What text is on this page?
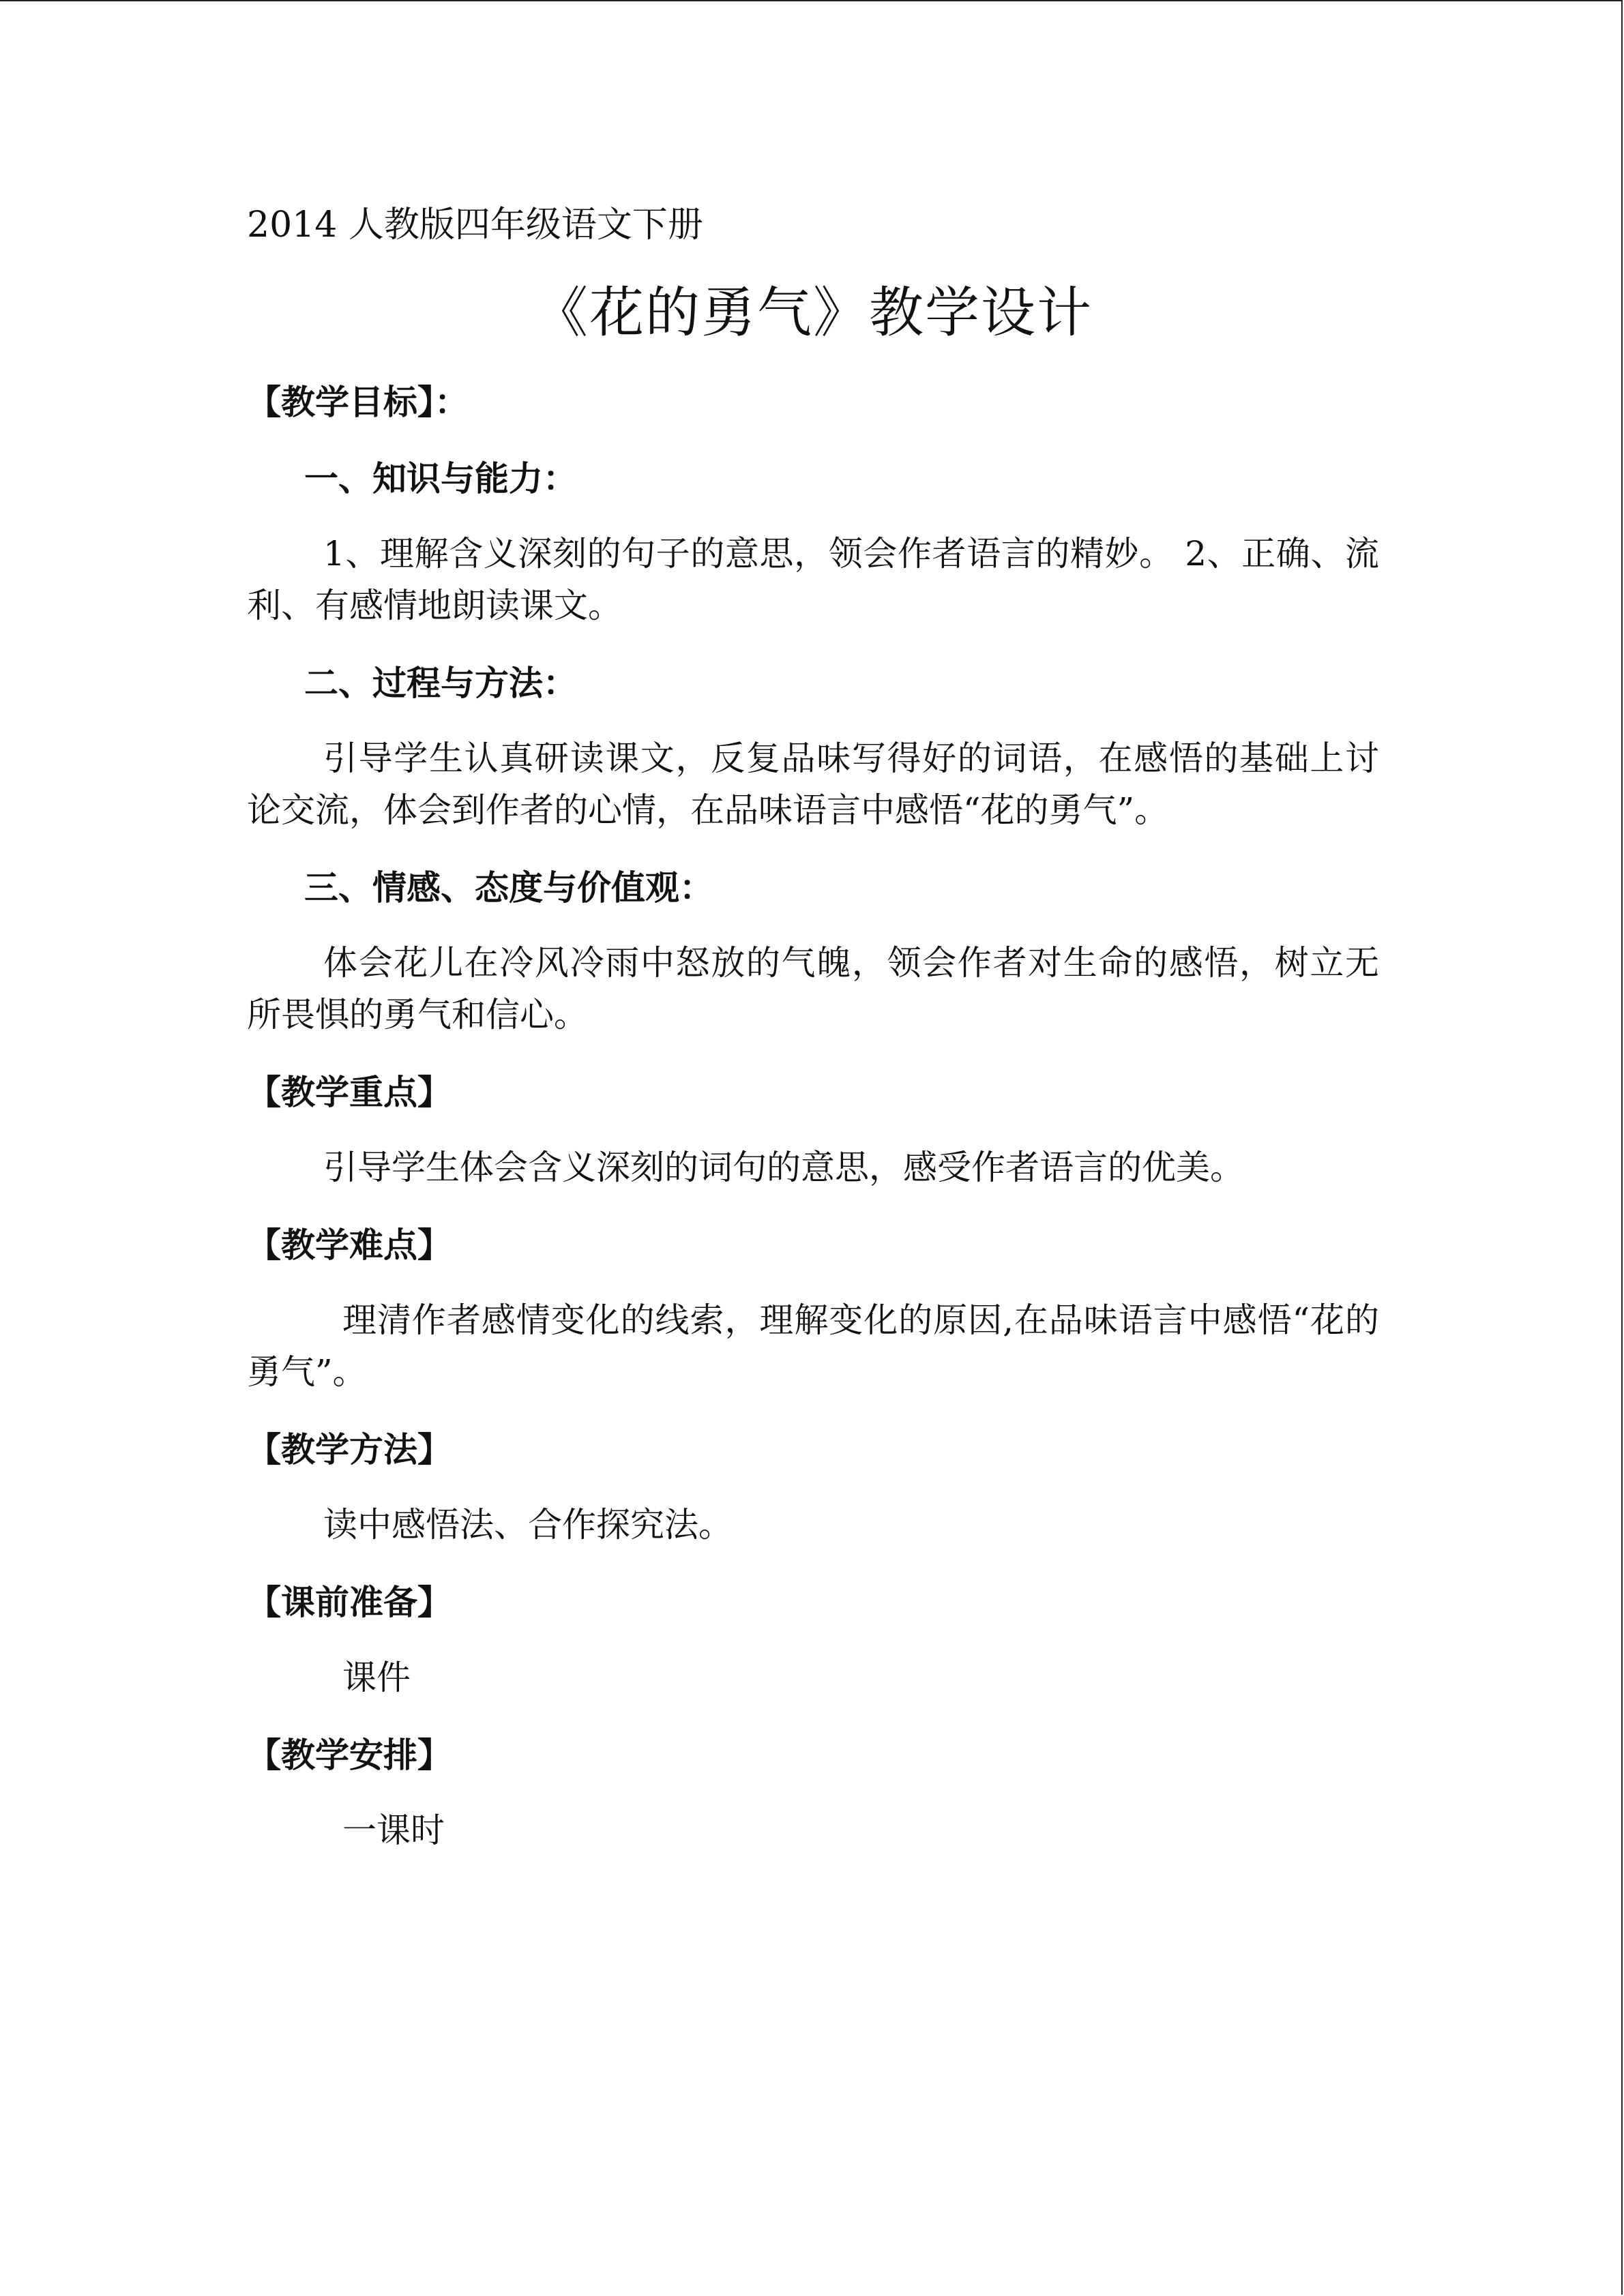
2014 人教版四年级语文下册
《花的勇气》教学设计
【教学目标】：
一、知识与能力：

1、理解含义深刻的句子的意思，领会作者语言的精妙。 2、正确、流利、有感情地朗读课文。

二、过程与方法：

引导学生认真研读课文，反复品味写得好的词语，在感悟的基础上讨论交流，体会到作者的心情，在品味语言中感悟“花的勇气”。

三、情感、态度与价值观：

体会花儿在冷风冷雨中怒放的气魄，领会作者对生命的感悟，树立无所畏惧的勇气和信心。

【教学重点】

引导学生体会含义深刻的词句的意思，感受作者语言的优美。

【教学难点】

理清作者感情变化的线索，理解变化的原因,在品味语言中感悟“花的勇气”。

【教学方法】

读中感悟法、合作探究法。

【课前准备】

课件

【教学安排】

一课时
